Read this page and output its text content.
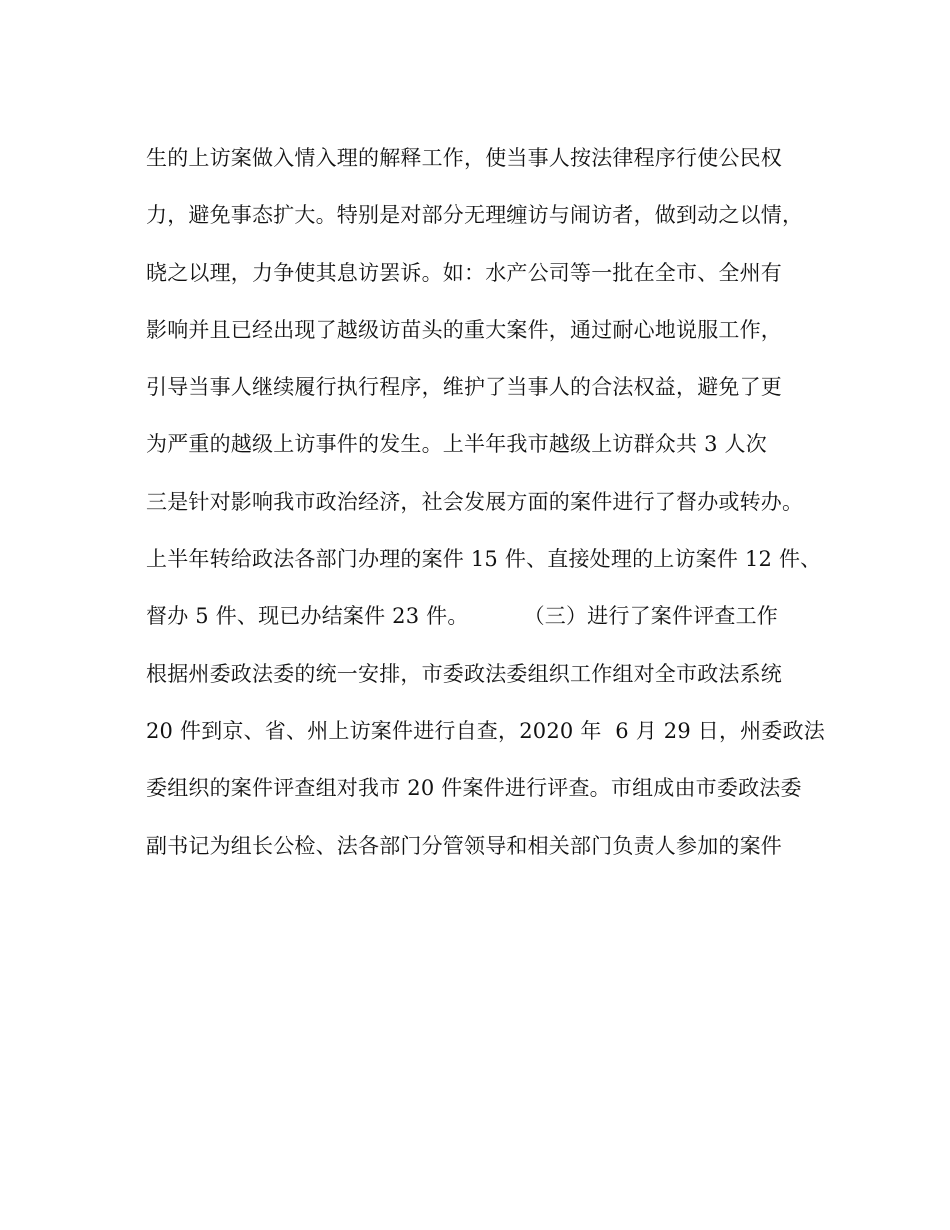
生的上访案做入情入理的解释工作，使当事人按法律程序行使公民权
力，避免事态扩大。特别是对部分无理缠访与闹访者，做到动之以情，
晓之以理，力争使其息访罢诉。如：水产公司等一批在全市、全州有
影响并且已经出现了越级访苗头的重大案件，通过耐心地说服工作，
引导当事人继续履行执行程序，维护了当事人的合法权益，避免了更
为严重的越级上访事件的发生。上半年我市越级上访群众共 3 人次
三是针对影响我市政治经济，社会发展方面的案件进行了督办或转办。
上半年转给政法各部门办理的案件 15 件、直接处理的上访案件 12 件、
督办 5 件、现已办结案件 23 件。        （三）进行了案件评查工作
根据州委政法委的统一安排，市委政法委组织工作组对全市政法系统
20 件到京、省、州上访案件进行自查，2020 年  6 月 29 日，州委政法
委组织的案件评查组对我市 20 件案件进行评查。市组成由市委政法委
副书记为组长公检、法各部门分管领导和相关部门负责人参加的案件
